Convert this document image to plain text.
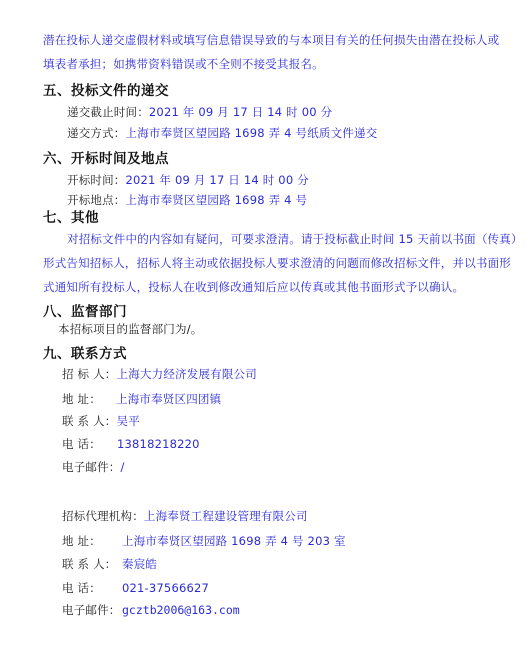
潜在投标人递交虚假材料或填写信息错误导致的与本项目有关的任何损失由潜在投标人或
填表者承担；如携带资料错误或不全则不接受其报名。
五、投标文件的递交
递交截止时间：2021 年 09 月 17 日 14 时 00 分
递交方式：上海市奉贤区望园路 1698 弄 4 号纸质文件递交
六、开标时间及地点
开标时间：2021 年 09 月 17 日 14 时 00 分
开标地点：上海市奉贤区望园路 1698 弄 4 号
七、其他
对招标文件中的内容如有疑问，可要求澄清。请于投标截止时间 15 天前以书面（传真）
形式告知招标人，招标人将主动或依据投标人要求澄清的问题而修改招标文件，并以书面形
式通知所有投标人，投标人在收到修改通知后应以传真或其他书面形式予以确认。
八、监督部门
本招标项目的监督部门为/。
九、联系方式
招 标 人：上海大力经济发展有限公司
地 址： 上海市奉贤区四团镇
联 系 人：吴平
电 话： 13818218220
电子邮件：/
招标代理机构：上海奉贤工程建设管理有限公司
地 址： 上海市奉贤区望园路 1698 弄 4 号 203 室
联 系 人： 秦宸皓
电 话： 021-37566627
电子邮件： gcztb2006@163.com
